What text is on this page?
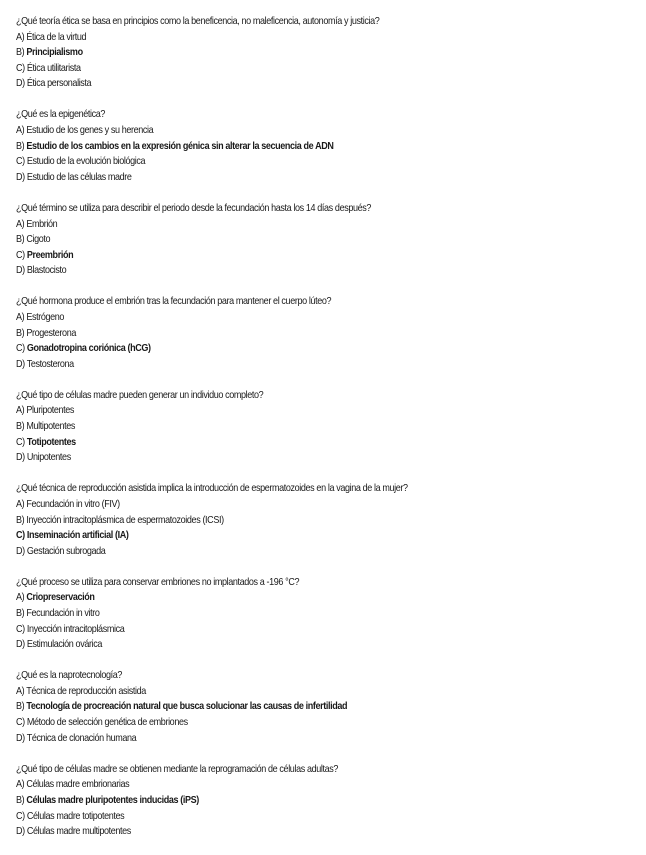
¿Qué teoría ética se basa en principios como la beneficencia, no maleficencia, autonomía y justicia?
A) Ética de la virtud
B) Principialismo
C) Ética utilitarista
D) Ética personalista
¿Qué es la epigenética?
A) Estudio de los genes y su herencia
B) Estudio de los cambios en la expresión génica sin alterar la secuencia de ADN
C) Estudio de la evolución biológica
D) Estudio de las células madre
¿Qué término se utiliza para describir el periodo desde la fecundación hasta los 14 días después?
A) Embrión
B) Cigoto
C) Preembrión
D) Blastocisto
¿Qué hormona produce el embrión tras la fecundación para mantener el cuerpo lúteo?
A) Estrógeno
B) Progesterona
C) Gonadotropina coriónica (hCG)
D) Testosterona
¿Qué tipo de células madre pueden generar un individuo completo?
A) Pluripotentes
B) Multipotentes
C) Totipotentes
D) Unipotentes
¿Qué técnica de reproducción asistida implica la introducción de espermatozoides en la vagina de la mujer?
A) Fecundación in vitro (FIV)
B) Inyección intracitoplásmica de espermatozoides (ICSI)
C) Inseminación artificial (IA)
D) Gestación subrogada
¿Qué proceso se utiliza para conservar embriones no implantados a -196 °C?
A) Criopreservación
B) Fecundación in vitro
C) Inyección intracitoplásmica
D) Estimulación ovárica
¿Qué es la naprotecnología?
A) Técnica de reproducción asistida
B) Tecnología de procreación natural que busca solucionar las causas de infertilidad
C) Método de selección genética de embriones
D) Técnica de clonación humana
¿Qué tipo de células madre se obtienen mediante la reprogramación de células adultas?
A) Células madre embrionarias
B) Células madre pluripotentes inducidas (iPS)
C) Células madre totipotentes
D) Células madre multipotentes
